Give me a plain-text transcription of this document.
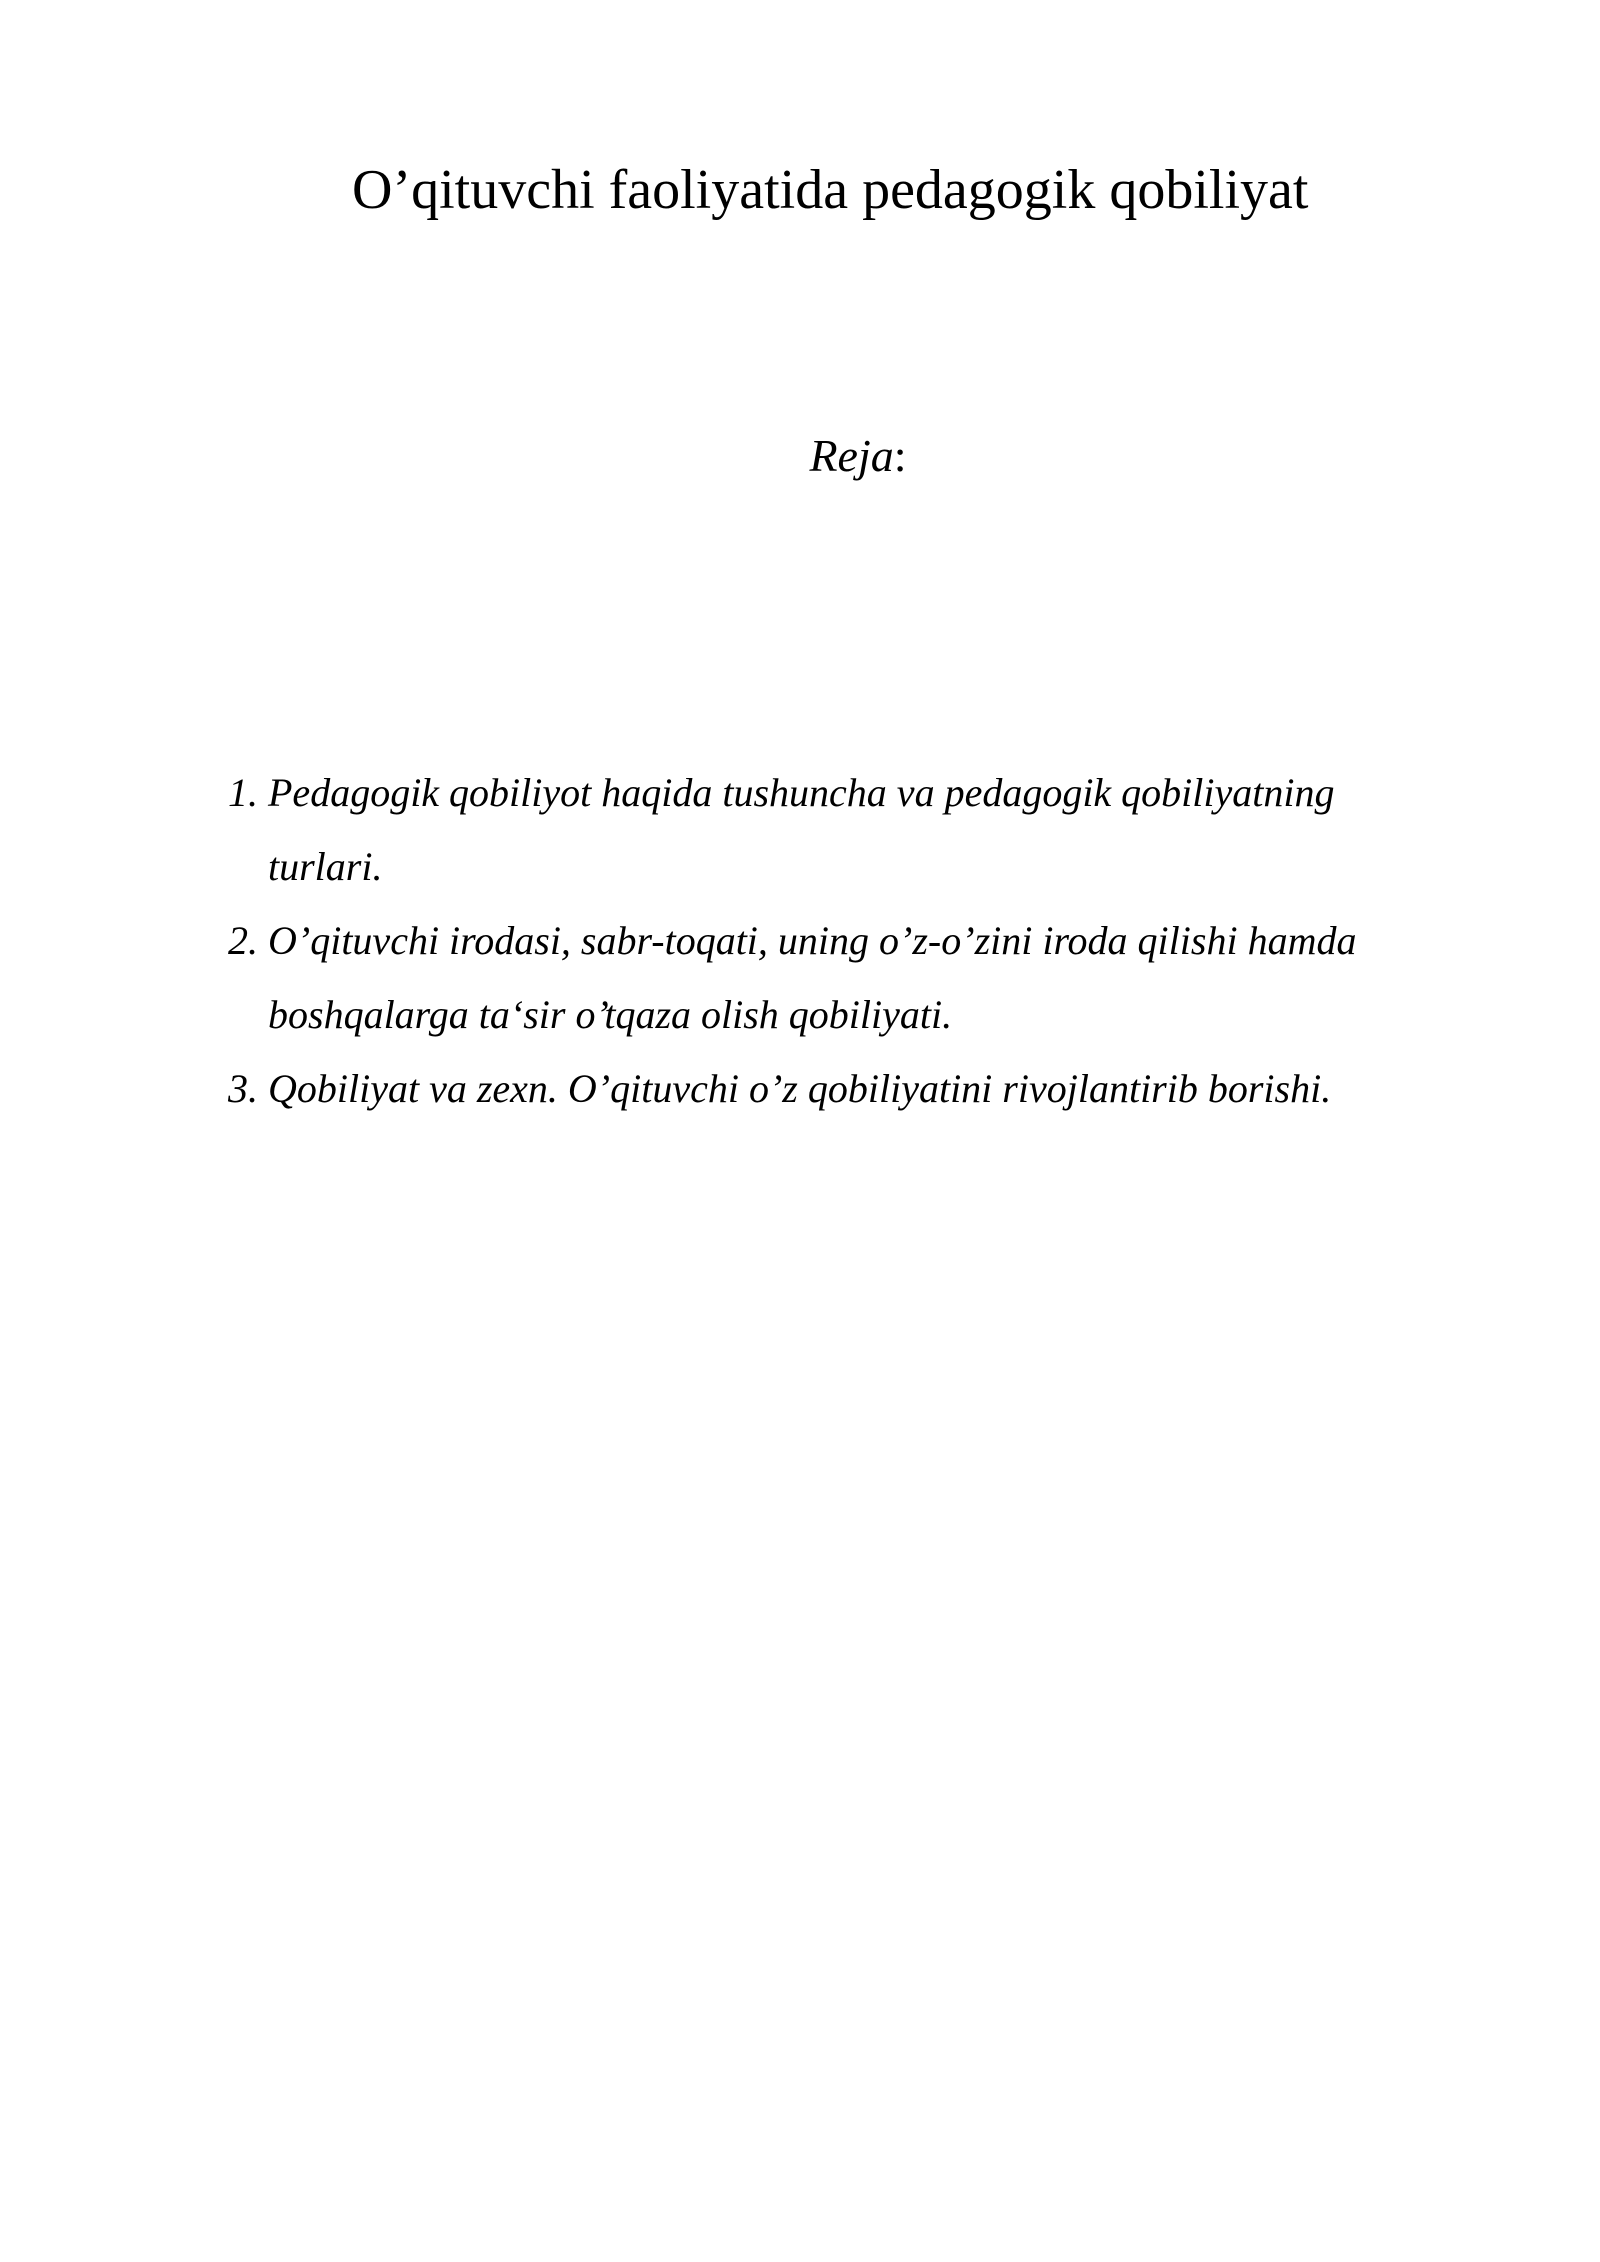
O’qituvchi faoliyatida pedagogik qobiliyat
Reja:
1. Pedagogik qobiliyot haqida tushuncha va pedagogik qobiliyatning turlari.
2. O’qituvchi irodasi, sabr-toqati, uning o’z-o’zini iroda qilishi hamda boshqalarga ta‘sir o’tqaza olish qobiliyati.
3. Qobiliyat va zexn. O’qituvchi o’z qobiliyatini rivojlantirib borishi.
